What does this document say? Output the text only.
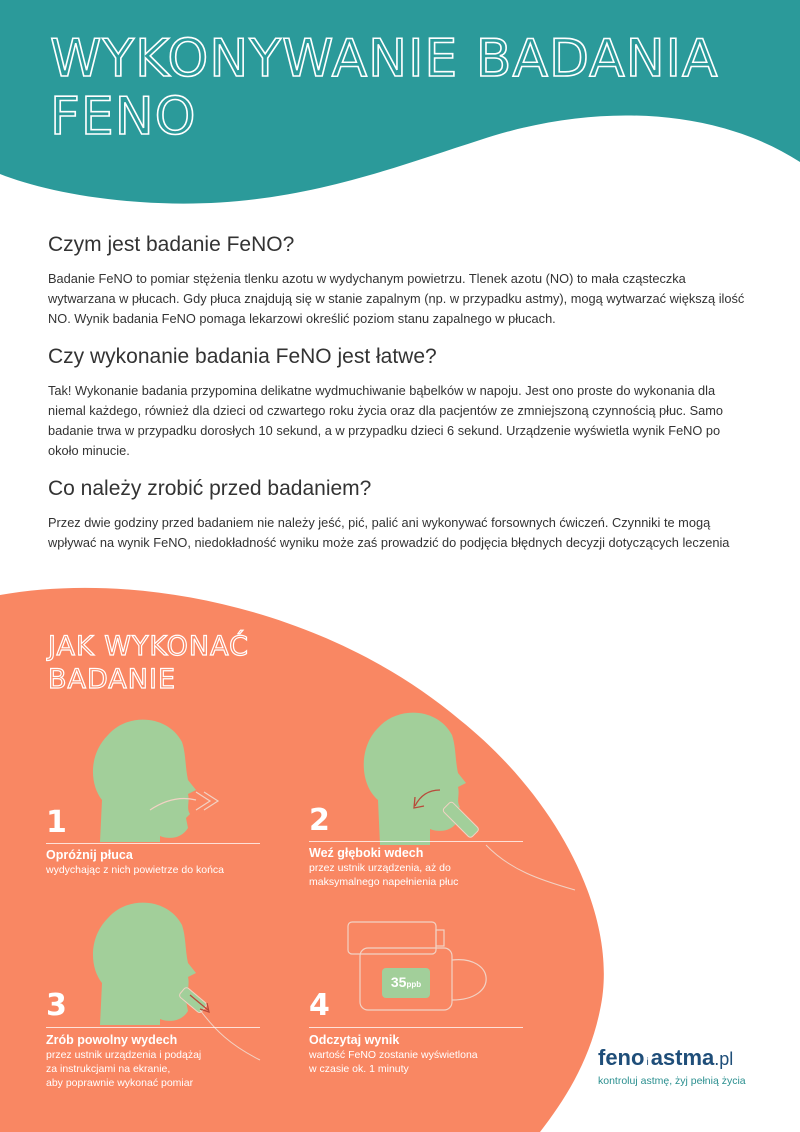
WYKONYWANIE BADANIA
FENO
Czym jest badanie FeNO?

Badanie FeNO to pomiar stężenia tlenku azotu w wydychanym powietrzu. Tlenek azotu (NO) to mała cząsteczka wytwarzana w płucach. Gdy płuca znajdują się w stanie zapalnym (np. w przypadku astmy), mogą wytwarzać większą ilość NO. Wynik badania FeNO pomaga lekarzowi określić poziom stanu zapalnego w płucach.

Czy wykonanie badania FeNO jest łatwe?

Tak! Wykonanie badania przypomina delikatne wydmuchiwanie bąbelków w napoju. Jest ono proste do wykonania dla niemal każdego, również dla dzieci od czwartego roku życia oraz dla pacjentów ze zmniejszoną czynnością płuc. Samo badanie trwa w przypadku dorosłych 10 sekund, a w przypadku dzieci 6 sekund. Urządzenie wyświetla wynik FeNO po około minucie.

Co należy zrobić przed badaniem?

Przez dwie godziny przed badaniem nie należy jeść, pić, palić ani wykonywać forsownych ćwiczeń. Czynniki te mogą wpływać na wynik FeNO, niedokładność wyniku może zaś prowadzić do podjęcia błędnych decyzji dotyczących leczenia

JAK WYKONAĆ
BADANIE
35ppb
1
Opróżnij płuca
wydychając z nich powietrze do końca
2
Weź głęboki wdech
przez ustnik urządzenia, aż do
maksymalnego napełnienia płuc
3
Zrób powolny wydech
przez ustnik urządzenia i podążaj
za instrukcjami na ekranie,
aby poprawnie wykonać pomiar
4
Odczytaj wynik
wartość FeNO zostanie wyświetlona
w czasie ok. 1 minuty	feno iastma.pl
kontroluj astmę, żyj pełnią życia
